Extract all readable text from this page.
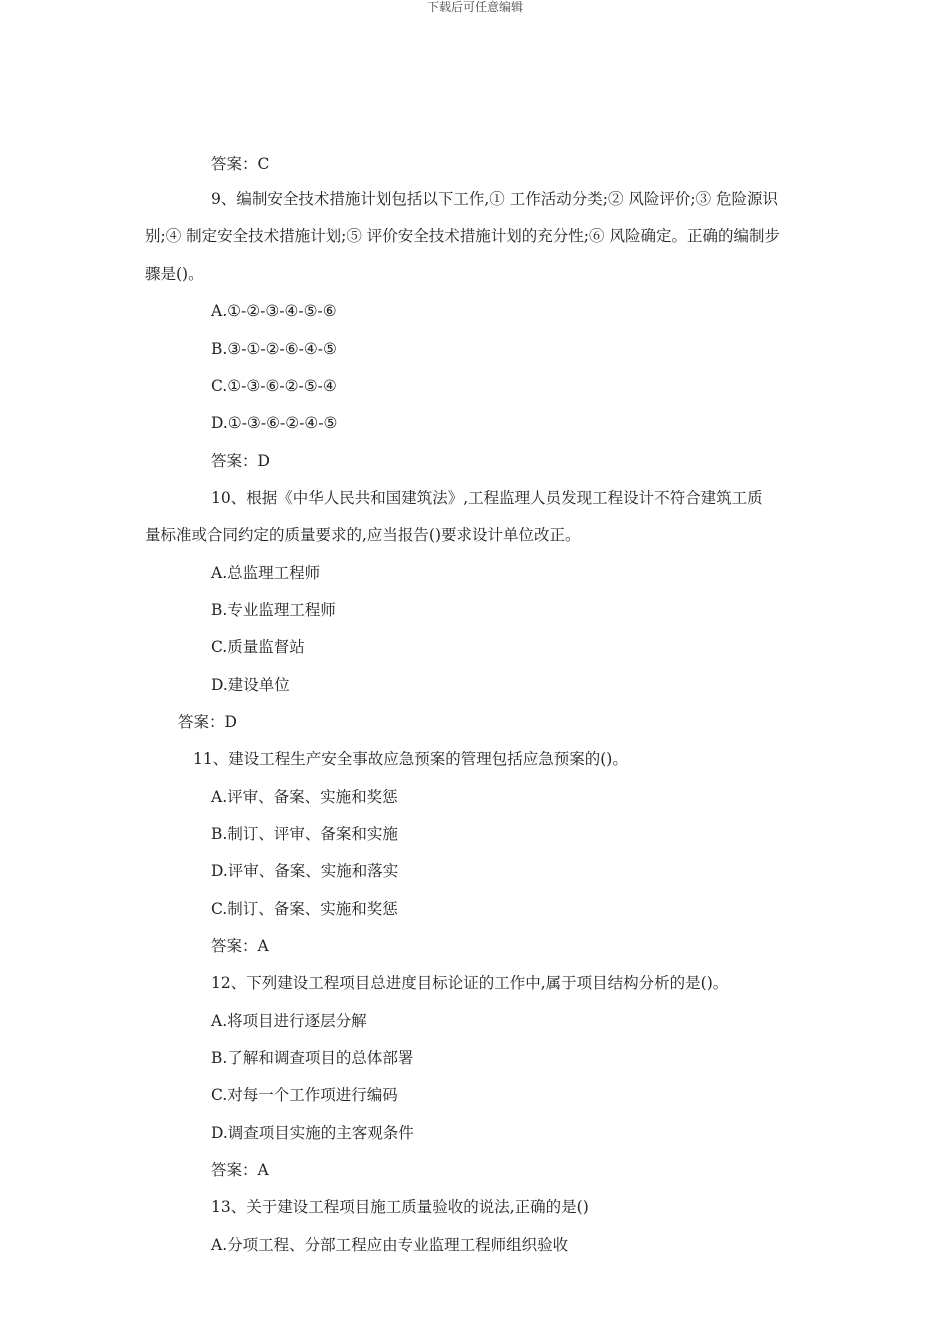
下载后可任意编辑
答案：C
9、编制安全技术措施计划包括以下工作,① 工作活动分类;② 风险评价;③ 危险源识
别;④ 制定安全技术措施计划;⑤ 评价安全技术措施计划的充分性;⑥ 风险确定。正确的编制步
骤是()。
A.①-②-③-④-⑤-⑥
B.③-①-②-⑥-④-⑤
C.①-③-⑥-②-⑤-④
D.①-③-⑥-②-④-⑤
答案：D
10、根据《中华人民共和国建筑法》,工程监理人员发现工程设计不符合建筑工质
量标准或合同约定的质量要求的,应当报告()要求设计单位改正。
A.总监理工程师
B.专业监理工程师
C.质量监督站
D.建设单位
答案：D
11、建设工程生产安全事故应急预案的管理包括应急预案的()。
A.评审、备案、实施和奖惩
B.制订、评审、备案和实施
D.评审、备案、实施和落实
C.制订、备案、实施和奖惩
答案：A
12、下列建设工程项目总进度目标论证的工作中,属于项目结构分析的是()。
A.将项目进行逐层分解
B.了解和调查项目的总体部署
C.对每一个工作项进行编码
D.调查项目实施的主客观条件
答案：A
13、关于建设工程项目施工质量验收的说法,正确的是()
A.分项工程、分部工程应由专业监理工程师组织验收
